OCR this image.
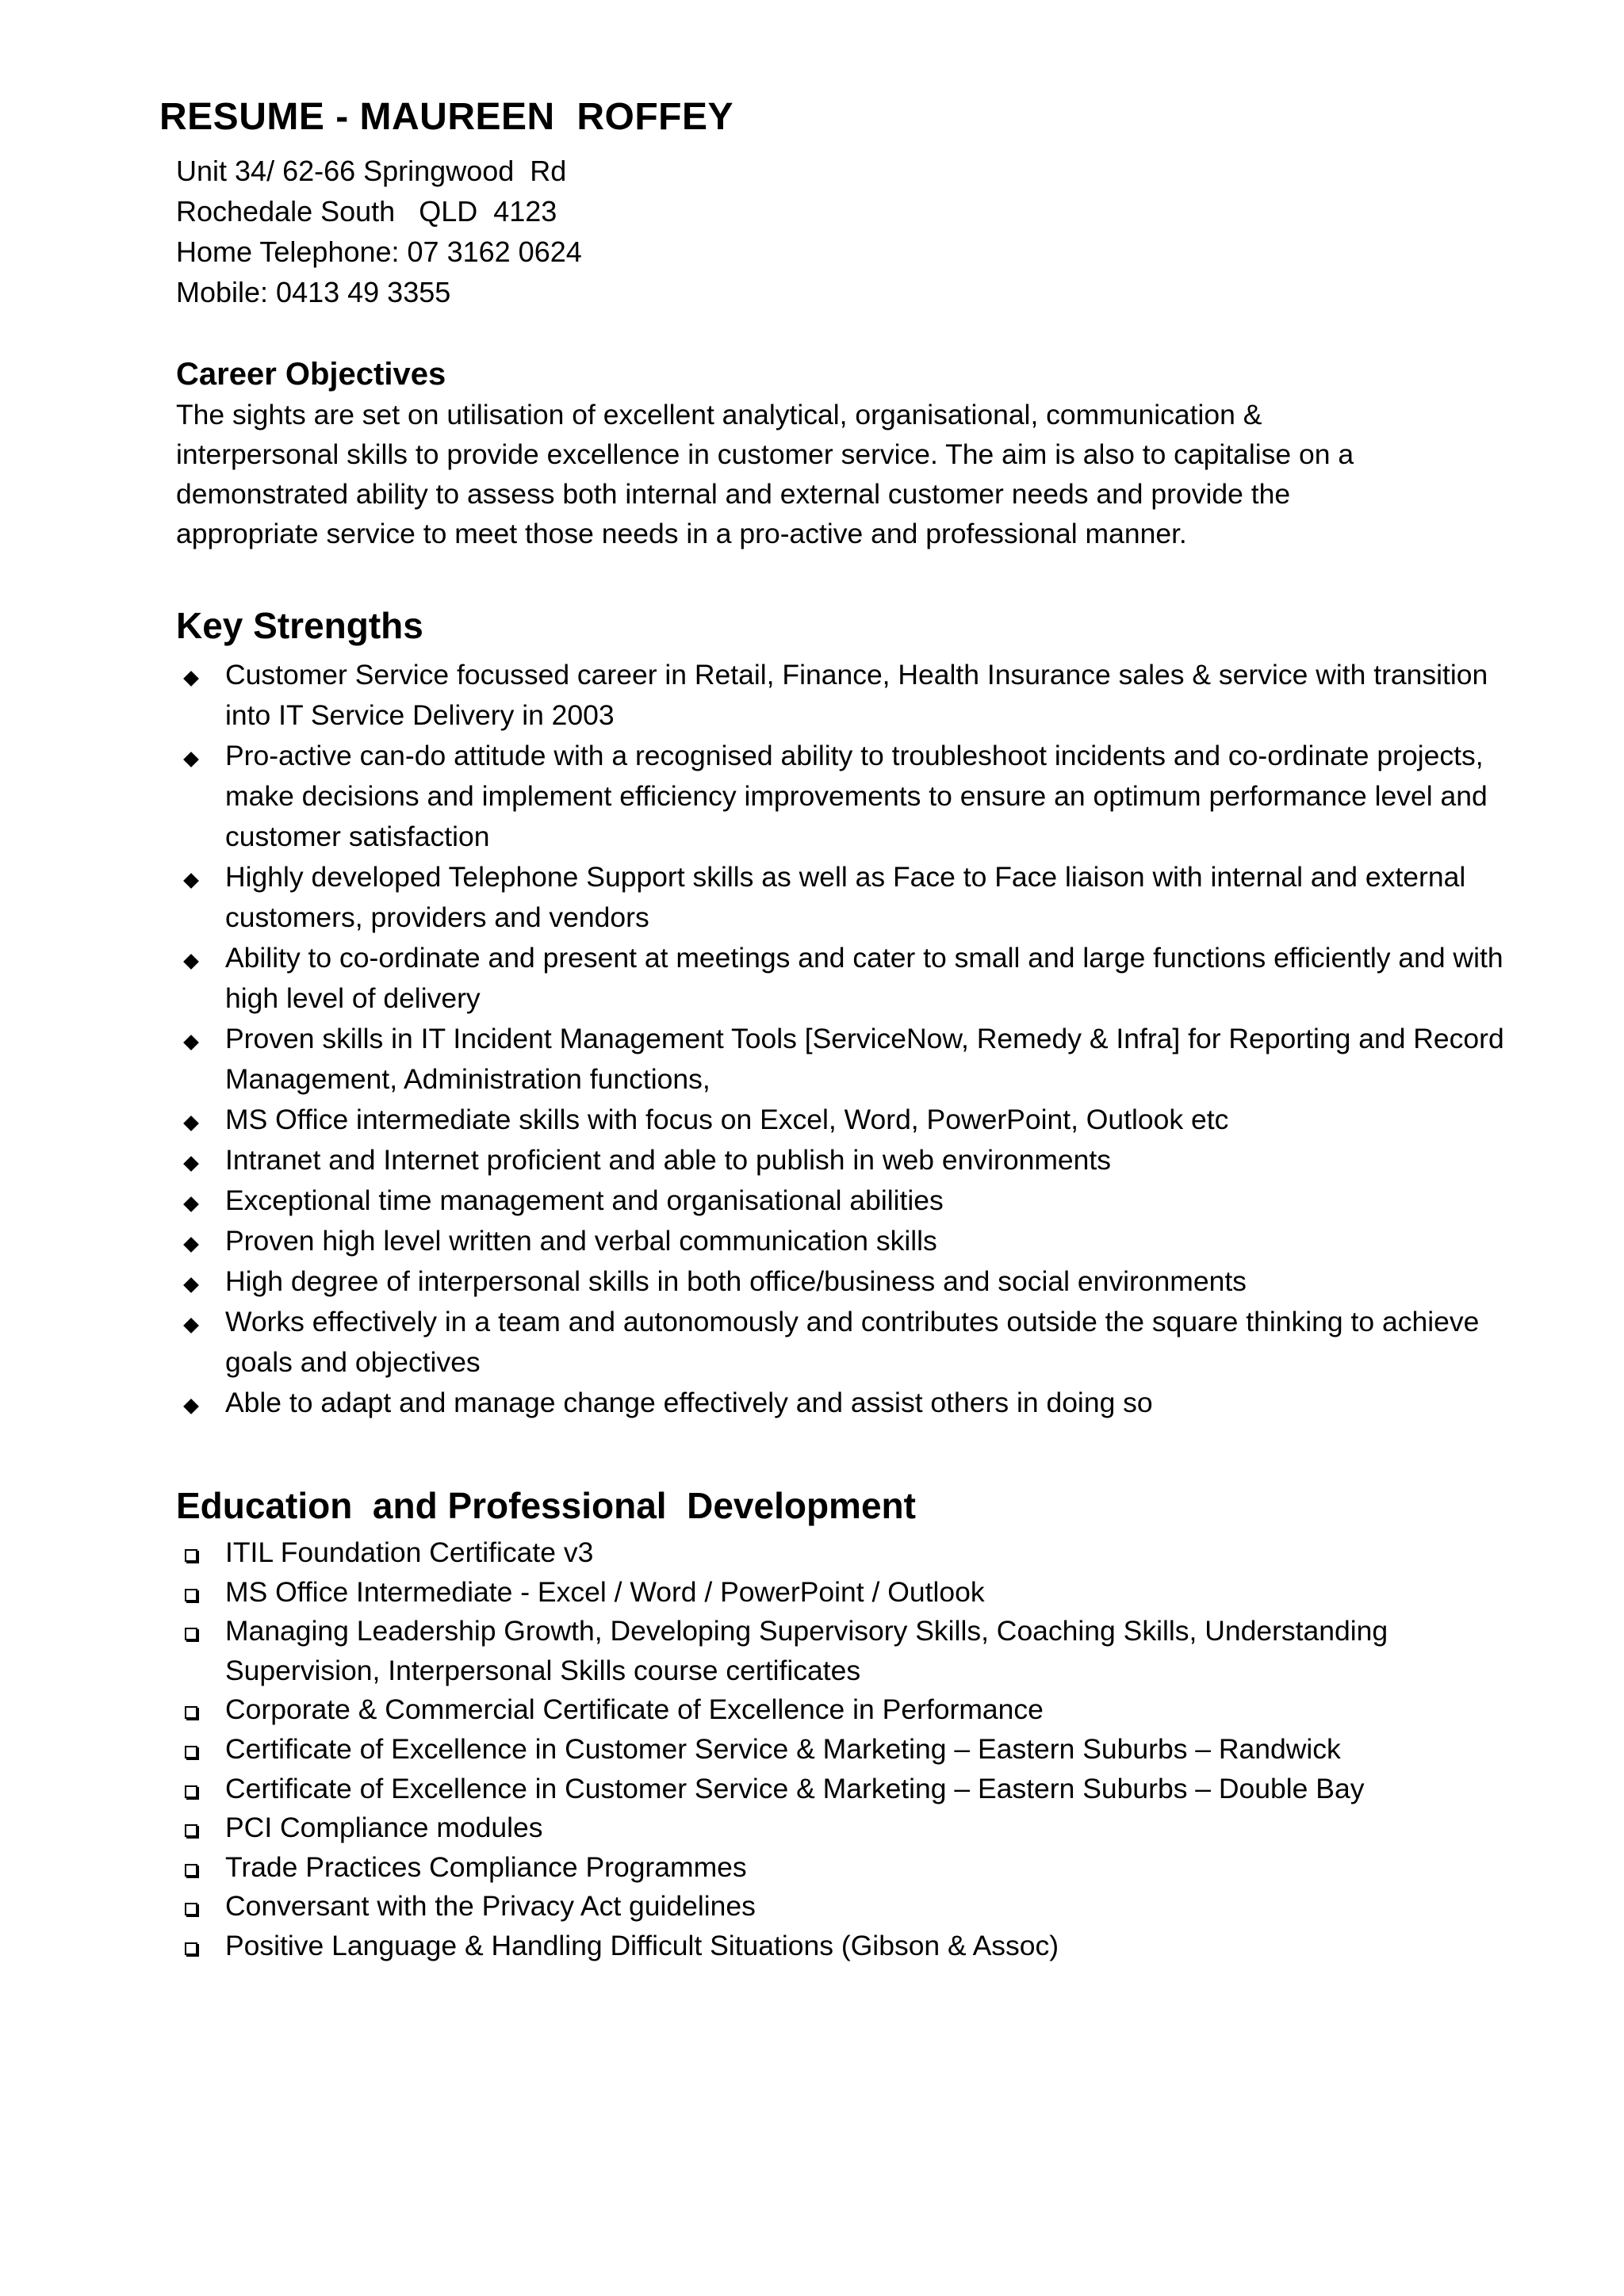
RESUME - MAUREEN  ROFFEY
Unit 34/ 62-66 Springwood  Rd
Rochedale South   QLD  4123
Home Telephone: 07 3162 0624
Mobile: 0413 49 3355
Career Objectives
The sights are set on utilisation of excellent analytical, organisational, communication &
interpersonal skills to provide excellence in customer service. The aim is also to capitalise on a
demonstrated ability to assess both internal and external customer needs and provide the
appropriate service to meet those needs in a pro-active and professional manner.
Key Strengths
Customer Service focussed career in Retail, Finance, Health Insurance sales & service with transition into IT Service Delivery in 2003
Pro-active can-do attitude with a recognised ability to troubleshoot incidents and co-ordinate projects, make decisions and implement efficiency improvements to ensure an optimum performance level and customer satisfaction
Highly developed Telephone Support skills as well as Face to Face liaison with internal and external customers, providers and vendors
Ability to co-ordinate and present at meetings and cater to small and large functions efficiently and with high level of delivery
Proven skills in IT Incident Management Tools [ServiceNow, Remedy & Infra] for Reporting and Record Management, Administration functions,
MS Office intermediate skills with focus on Excel, Word, PowerPoint, Outlook etc
Intranet and Internet proficient and able to publish in web environments
Exceptional time management and organisational abilities
Proven high level written and verbal communication skills
High degree of interpersonal skills in both office/business and social environments
Works effectively in a team and autonomously and contributes outside the square thinking to achieve goals and objectives
Able to adapt and manage change effectively and assist others in doing so
Education  and Professional  Development
ITIL Foundation Certificate v3
MS Office Intermediate - Excel / Word / PowerPoint / Outlook
Managing Leadership Growth, Developing Supervisory Skills, Coaching Skills, Understanding Supervision, Interpersonal Skills course certificates
Corporate & Commercial Certificate of Excellence in Performance
Certificate of Excellence in Customer Service & Marketing – Eastern Suburbs – Randwick
Certificate of Excellence in Customer Service & Marketing – Eastern Suburbs – Double Bay
PCI Compliance modules
Trade Practices Compliance Programmes
Conversant with the Privacy Act guidelines
Positive Language & Handling Difficult Situations (Gibson & Assoc)
